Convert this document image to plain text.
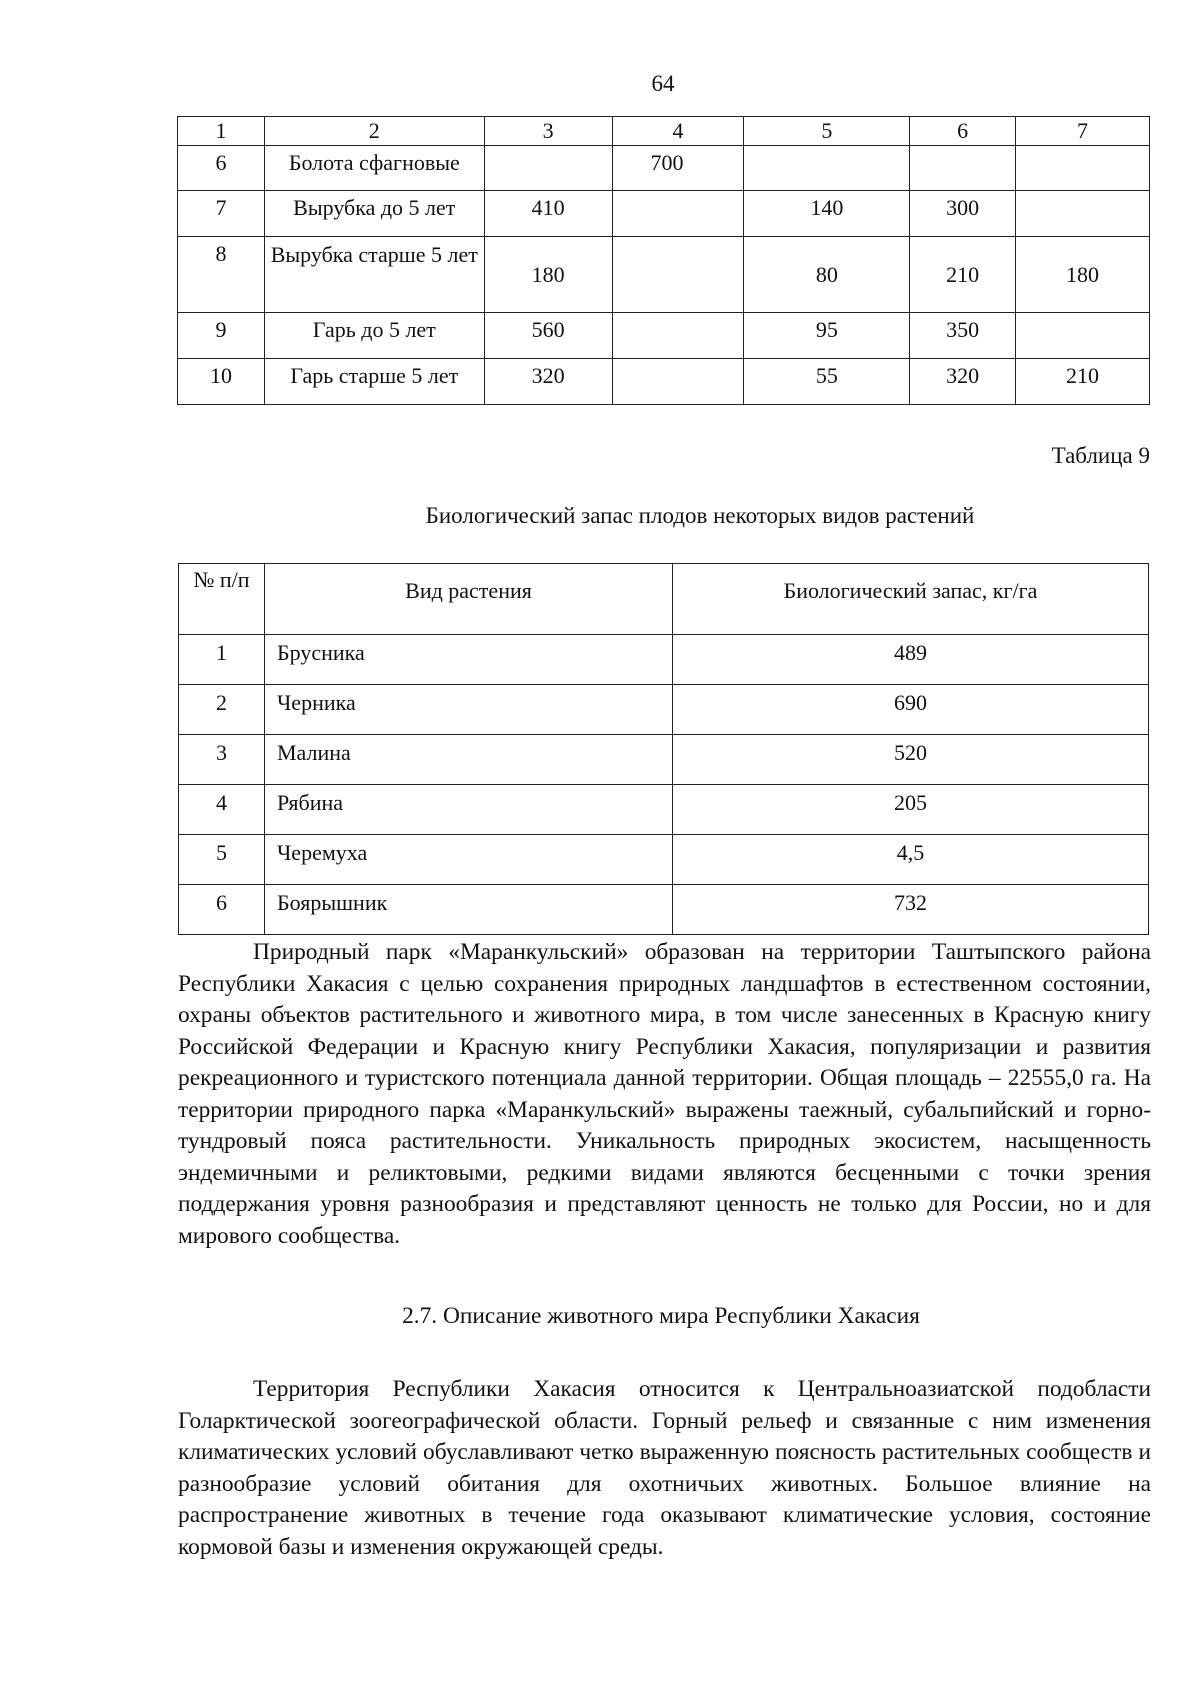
64
1	2	3	4	5	6	7
6	Болота сфагновые		700			
7	Вырубка до 5 лет	410		140	300	
8	Вырубка старше 5 лет	180		80	210	180
9	Гарь до 5 лет	560		95	350	
10	Гарь старше 5 лет	320		55	320	210
Таблица 9
Биологический запас плодов некоторых видов растений
№ п/п	Вид растения	Биологический запас, кг/га
1	Брусника	489
2	Черника	690
3	Малина	520
4	Рябина	205
5	Черемуха	4,5
6	Боярышник	732
Природный парк «Маранкульский» образован на территории Таштыпского района Республики Хакасия с целью сохранения природных ландшафтов в естественном состоянии, охраны объектов растительного и животного мира, в том числе занесенных в Красную книгу Российской Федерации и Красную книгу Республики Хакасия, популяризации и развития рекреационного и туристского потенциала данной территории. Общая площадь – 22555,0 га. На территории природного парка «Маранкульский» выражены таежный, субальпийский и горно-тундровый пояса растительности. Уникальность природных экосистем, насыщенность эндемичными и реликтовыми, редкими видами являются бесценными с точки зрения поддержания уровня разнообразия и представляют ценность не только для России, но и для мирового сообщества.
2.7. Описание животного мира Республики Хакасия
Территория Республики Хакасия относится к Центральноазиатской подобласти Голарктической зоогеографической области. Горный рельеф и связанные с ним изменения климатических условий обуславливают четко выраженную поясность растительных сообществ и разнообразие условий обитания для охотничьих животных. Большое влияние на распространение животных в течение года оказывают климатические условия, состояние кормовой базы и изменения окружающей среды.
